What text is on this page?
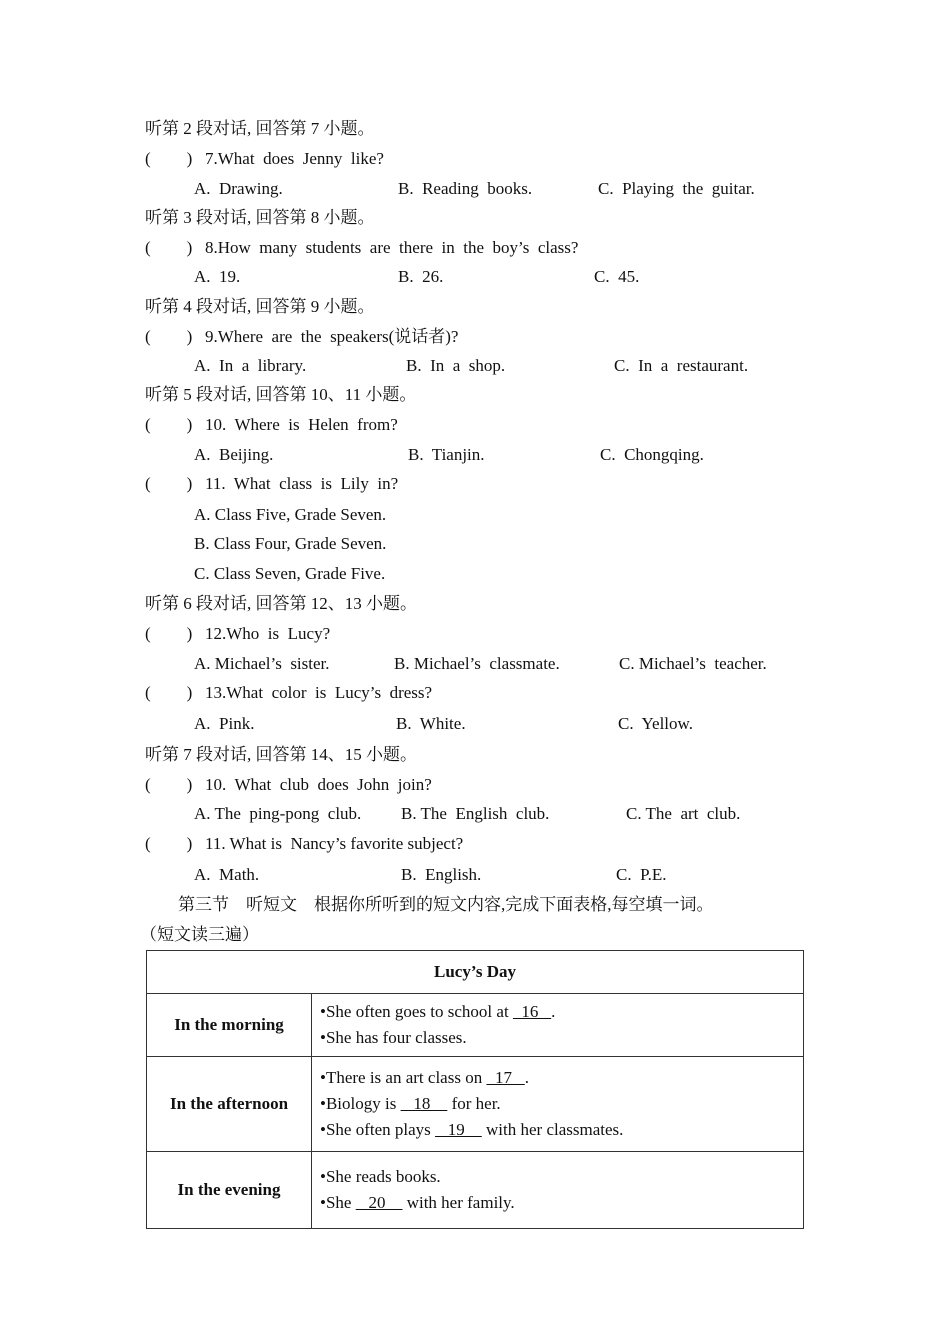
听第 2 段对话, 回答第 7 小题。
( ) 7.What  does  Jenny  like?
A.  Drawing.	B.  Reading  books.	C.  Playing  the  guitar.
听第 3 段对话, 回答第 8 小题。
( ) 8.How  many  students  are  there  in  the  boy’s  class?
A.  19.	B.  26.	C.  45.
听第 4 段对话, 回答第 9 小题。
( ) 9.Where  are  the  speakers(说话者)?
A.  In  a  library.	B.  In  a  shop.	C.  In  a  restaurant.
听第 5 段对话, 回答第 10、11 小题。
( ) 10.  Where  is  Helen  from?
A.  Beijing.	B.  Tianjin.	C.  Chongqing.
( ) 11.  What  class  is  Lily  in?
A. Class Five, Grade Seven.
B. Class Four, Grade Seven.
C. Class Seven, Grade Five.
听第 6 段对话, 回答第 12、13 小题。
( ) 12.Who  is  Lucy?
A. Michael’s  sister.	B. Michael’s  classmate.	C. Michael’s  teacher.
( ) 13.What  color  is  Lucy’s  dress?
A.  Pink.	B.  White.	C.  Yellow.
听第 7 段对话, 回答第 14、15 小题。
( ) 10.  What  club  does  John  join?
A. The  ping-pong  club. B. The  English  club.	C. The  art  club.
( ) 11. What is  Nancy’s favorite subject?
A.  Math.	B.  English.	C.  P.E.
第三节    听短文    根据你所听到的短文内容,完成下面表格,每空填一词。
（短文读三遍）
Lucy’s Day	
In the morning	•She often goes to school at   16   .
•She has four classes.

In the afternoon	•There is an art class on   17   .
•Biology is    18     for her.
•She often plays    19     with her classmates.

In the evening	•She reads books.
•She    20     with her family.
